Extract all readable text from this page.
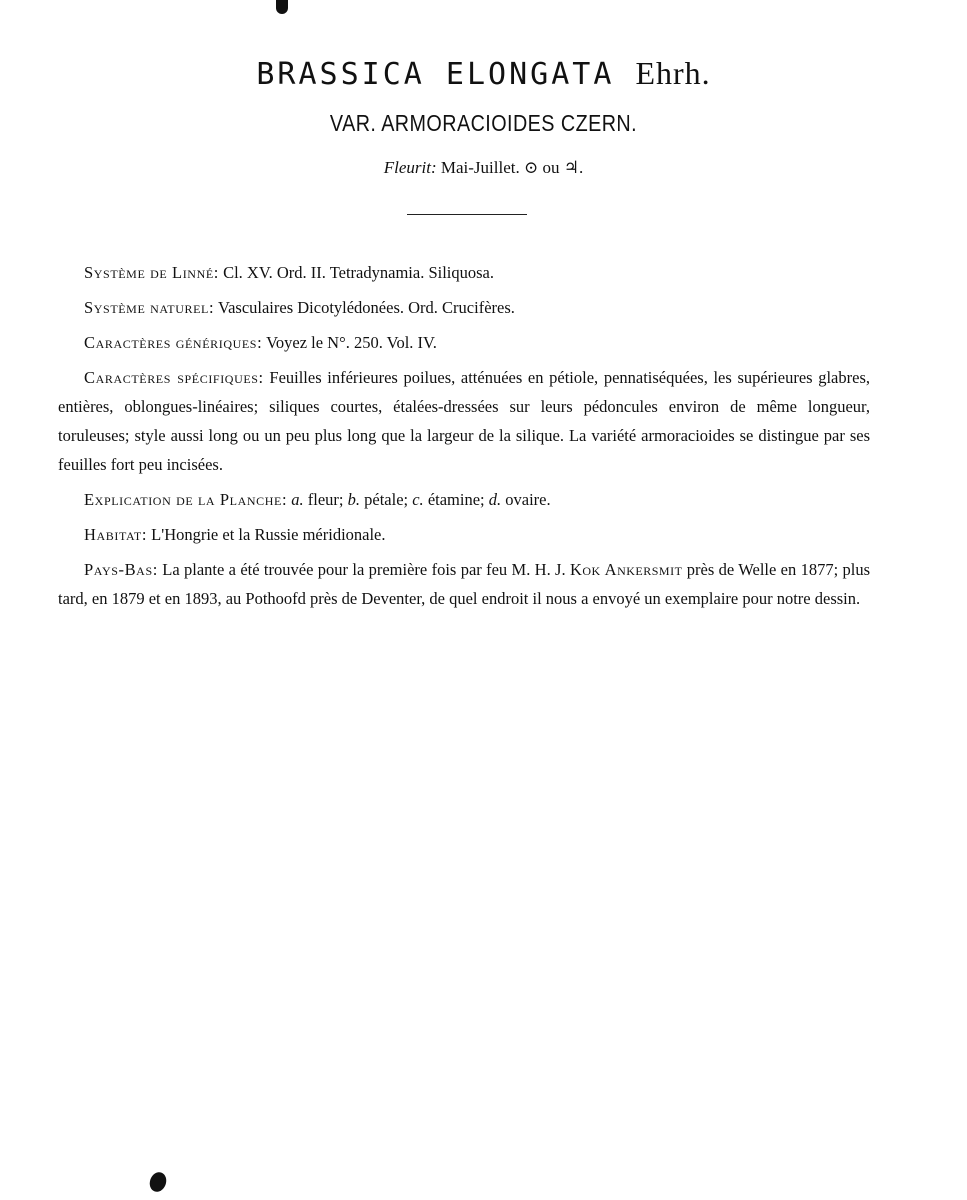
BRASSICA ELONGATA Ehrh.
VAR. ARMORACIOIDES CZERN.
Fleurit: Mai-Juillet. ⊙ ou ♃.

Système de Linné: Cl. XV. Ord. II. Tetradynamia. Siliquosa.

Système naturel: Vasculaires Dicotylédonées. Ord. Crucifères.

Caractères génériques: Voyez le N°. 250. Vol. IV.

Caractères spécifiques: Feuilles inférieures poilues, atténuées en pétiole, pennatiséquées, les supérieures glabres, entières, oblongues-linéaires; siliques courtes, étalées-dressées sur leurs pédoncules environ de même longueur, toruleuses; style aussi long ou un peu plus long que la largeur de la silique. La variété armoracioides se distingue par ses feuilles fort peu incisées.

Explication de la Planche: a. fleur; b. pétale; c. étamine; d. ovaire.

Habitat: L'Hongrie et la Russie méridionale.

Pays-Bas: La plante a été trouvée pour la première fois par feu M. H. J. Kok Ankersmit près de Welle en 1877; plus tard, en 1879 et en 1893, au Pothoofd près de Deventer, de quel endroit il nous a envoyé un exemplaire pour notre dessin.
